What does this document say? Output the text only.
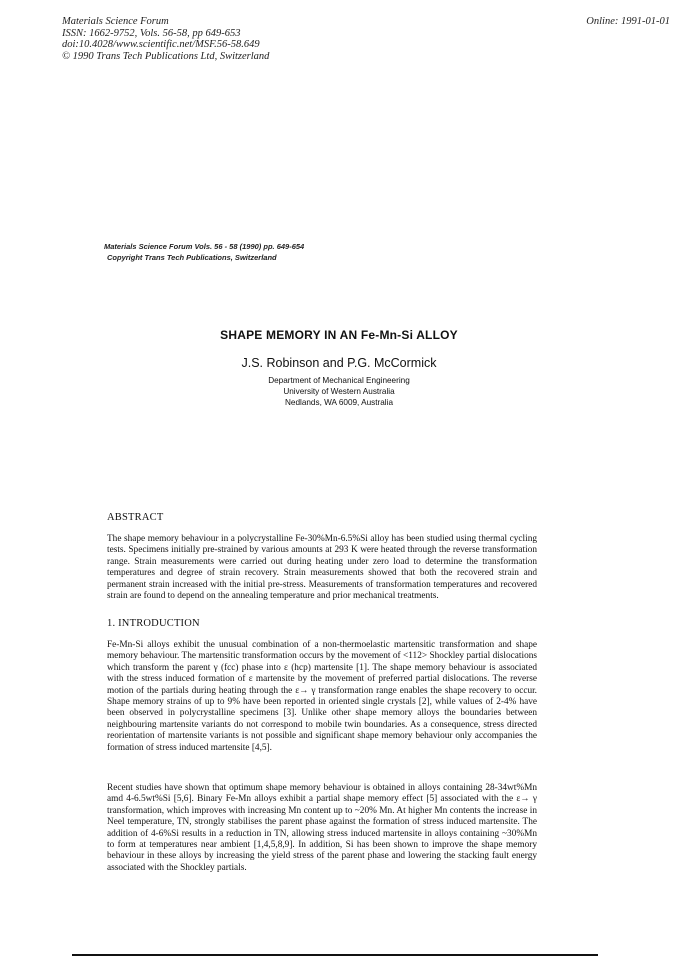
Materials Science Forum
ISSN: 1662-9752, Vols. 56-58, pp 649-653
doi:10.4028/www.scientific.net/MSF.56-58.649
© 1990 Trans Tech Publications Ltd, Switzerland
Online: 1991-01-01
Materials Science Forum Vols. 56 - 58 (1990) pp. 649-654
Copyright Trans Tech Publications, Switzerland
SHAPE MEMORY IN AN Fe-Mn-Si ALLOY
J.S. Robinson and P.G. McCormick
Department of Mechanical Engineering
University of Western Australia
Nedlands, WA 6009, Australia
ABSTRACT
The shape memory behaviour in a polycrystalline Fe-30%Mn-6.5%Si alloy has been studied using thermal cycling tests. Specimens initially pre-strained by various amounts at 293 K were heated through the reverse transformation range. Strain measurements were carried out during heating under zero load to determine the transformation temperatures and degree of strain recovery. Strain measurements showed that both the recovered strain and permanent strain increased with the initial pre-stress. Measurements of transformation temperatures and recovered strain are found to depend on the annealing temperature and prior mechanical treatments.
1. INTRODUCTION
Fe-Mn-Si alloys exhibit the unusual combination of a non-thermoelastic martensitic transformation and shape memory behaviour. The martensitic transformation occurs by the movement of <112> Shockley partial dislocations which transform the parent γ (fcc) phase into ε (hcp) martensite [1]. The shape memory behaviour is associated with the stress induced formation of ε martensite by the movement of preferred partial dislocations. The reverse motion of the partials during heating through the ε→ γ transformation range enables the shape recovery to occur. Shape memory strains of up to 9% have been reported in oriented single crystals [2], while values of 2-4% have been observed in polycrystalline specimens [3]. Unlike other shape memory alloys the boundaries between neighbouring martensite variants do not correspond to mobile twin boundaries. As a consequence, stress directed reorientation of martensite variants is not possible and significant shape memory behaviour only accompanies the formation of stress induced martensite [4,5].
Recent studies have shown that optimum shape memory behaviour is obtained in alloys containing 28-34wt%Mn amd 4-6.5wt%Si [5,6]. Binary Fe-Mn alloys exhibit a partial shape memory effect [5] associated with the ε→ γ transformation, which improves with increasing Mn content up to ~20% Mn. At higher Mn contents the increase in Neel temperature, TN, strongly stabilises the parent phase against the formation of stress induced martensite. The addition of 4-6%Si results in a reduction in TN, allowing stress induced martensite in alloys containing ~30%Mn to form at temperatures near ambient [1,4,5,8,9]. In addition, Si has been shown to improve the shape memory behaviour in these alloys by increasing the yield stress of the parent phase and lowering the stacking fault energy associated with the Shockley partials.
